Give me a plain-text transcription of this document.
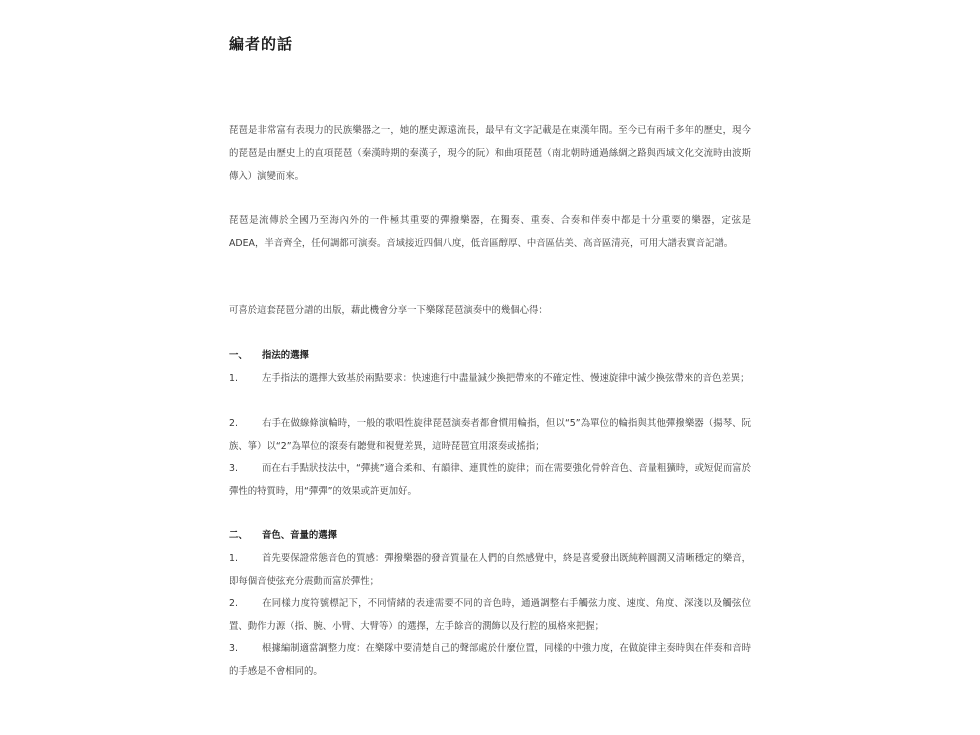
編者的話

琵琶是非常富有表現力的民族樂器之一，她的歷史源遠流長，最早有文字記載是在東漢年間。至今已有兩千多年的歷史，現今的琵琶是由歷史上的直項琵琶（秦漢時期的秦漢子，現今的阮）和曲項琵琶（南北朝時通過絲綢之路與西域文化交流時由波斯傳入）演變而來。

琵琶是流傳於全國乃至海內外的一件極其重要的彈撥樂器，在獨奏、重奏、合奏和伴奏中都是十分重要的樂器，定弦是ADEA，半音齊全，任何調都可演奏。音域接近四個八度，低音區醇厚、中音區估美、高音區清亮，可用大譜表實音記譜。

可喜於這套琵琶分譜的出版，藉此機會分享一下樂隊琵琶演奏中的幾個心得：

一、 指法的選擇

1.	左手指法的選擇大致基於兩點要求：快速進行中盡量減少換把帶來的不確定性、慢速旋律中減少換弦帶來的音色差異；

2.	右手在做線條演輪時，一般的歌唱性旋律琵琶演奏者都會慣用輪指，但以“5”為單位的輪指與其他彈撥樂器（揚琴、阮族、箏）以“2”為單位的滾奏有聽覺和視覺差異，這時琵琶宜用滾奏或搖指；

3.	而在右手點狀技法中，“彈挑”適合柔和、有韻律、連貫性的旋律；而在需要強化骨幹音色、音量粗獷時，或短促而富於彈性的特質時，用“彈彈”的效果或許更加好。

二、 音色、音量的選擇

1.	首先要保證常態音色的質感：彈撥樂器的發音質量在人們的自然感覺中，終是喜愛發出既純粹圓潤又清晰穩定的樂音，即每個音使弦充分震動而富於彈性；

2.	在同樣力度符號標記下，不同情緒的表達需要不同的音色時，通過調整右手觸弦力度、速度、角度、深淺以及觸弦位置、動作力源（指、腕、小臂、大臂等）的選擇，左手餘音的潤飾以及行腔的風格來把握；

3.	根據編制適當調整力度：在樂隊中要清楚自己的聲部處於什麼位置，同樣的中強力度，在做旋律主奏時與在伴奏和音時的手感是不會相同的。
